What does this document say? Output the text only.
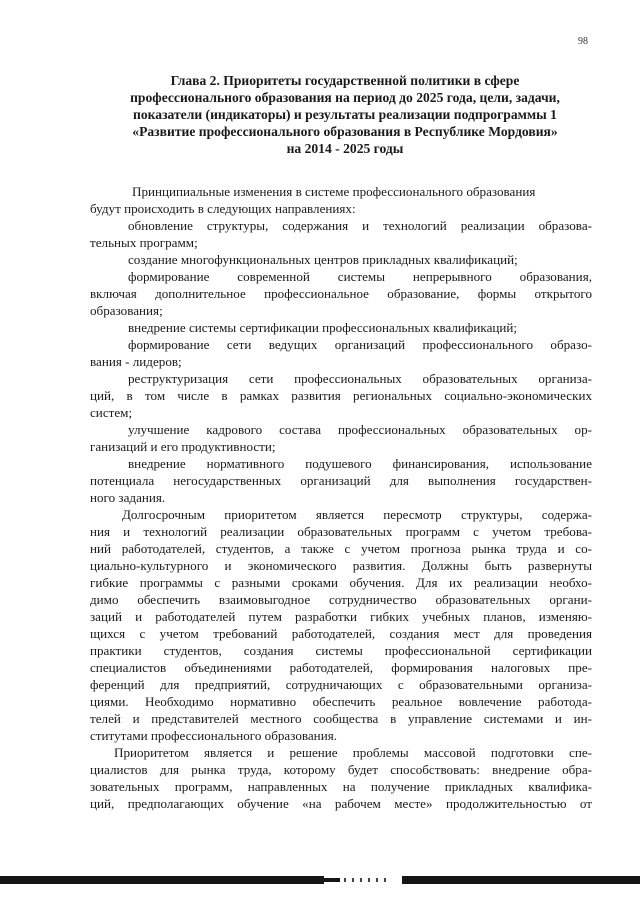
98
Глава 2. Приоритеты государственной политики в сфере
профессионального образования на период до 2025 года, цели, задачи,
показатели (индикаторы) и результаты реализации подпрограммы 1
«Развитие профессионального образования в Республике Мордовия»
на 2014 - 2025 годы
Принципиальные изменения в системе профессионального образования
будут происходить в следующих направлениях:
обновление структуры, содержания и технологий реализации образова-
тельных программ;
создание многофункциональных центров прикладных квалификаций;
формирование современной системы непрерывного образования,
включая дополнительное профессиональное образование, формы открытого
образования;
внедрение системы сертификации профессиональных квалификаций;
формирование сети ведущих организаций профессионального образо-
вания - лидеров;
реструктуризация сети профессиональных образовательных организа-
ций, в том числе в рамках развития региональных социально-экономических
систем;
улучшение кадрового состава профессиональных образовательных ор-
ганизаций и его продуктивности;
внедрение нормативного подушевого финансирования, использование
потенциала негосударственных организаций для выполнения государствен-
ного задания.
Долгосрочным приоритетом является пересмотр структуры, содержа-
ния и технологий реализации образовательных программ с учетом требова-
ний работодателей, студентов, а также с учетом прогноза рынка труда и со-
циально-культурного и экономического развития. Должны быть развернуты
гибкие программы с разными сроками обучения. Для их реализации необхо-
димо обеспечить взаимовыгодное сотрудничество образовательных органи-
заций и работодателей путем разработки гибких учебных планов, изменяю-
щихся с учетом требований работодателей, создания мест для проведения
практики студентов, создания системы профессиональной сертификации
специалистов объединениями работодателей, формирования налоговых пре-
ференций для предприятий, сотрудничающих с образовательными организа-
циями. Необходимо нормативно обеспечить реальное вовлечение работода-
телей и представителей местного сообщества в управление системами и ин-
ститутами профессионального образования.
Приоритетом является и решение проблемы массовой подготовки спе-
циалистов для рынка труда, которому будет способствовать: внедрение обра-
зовательных программ, направленных на получение прикладных квалифика-
ций, предполагающих обучение «на рабочем месте» продолжительностью от
